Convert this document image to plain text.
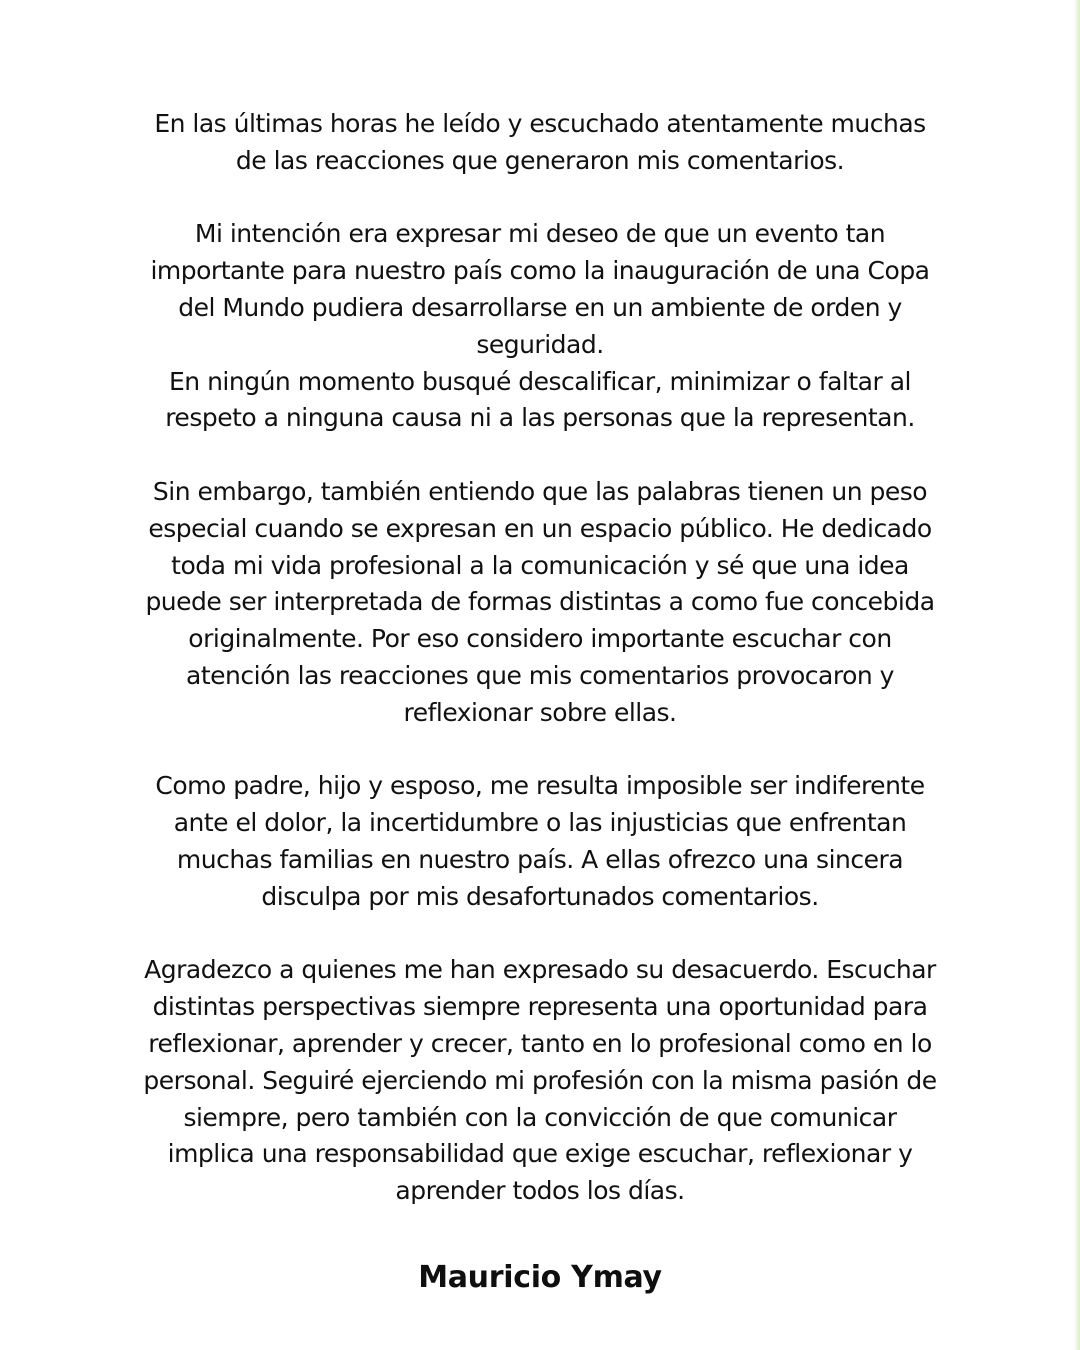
En las últimas horas he leído y escuchado atentamente muchas
de las reacciones que generaron mis comentarios.
Mi intención era expresar mi deseo de que un evento tan
importante para nuestro país como la inauguración de una Copa
del Mundo pudiera desarrollarse en un ambiente de orden y
seguridad.
En ningún momento busqué descalificar, minimizar o faltar al
respeto a ninguna causa ni a las personas que la representan.
Sin embargo, también entiendo que las palabras tienen un peso
especial cuando se expresan en un espacio público. He dedicado
toda mi vida profesional a la comunicación y sé que una idea
puede ser interpretada de formas distintas a como fue concebida
originalmente. Por eso considero importante escuchar con
atención las reacciones que mis comentarios provocaron y
reflexionar sobre ellas.
Como padre, hijo y esposo, me resulta imposible ser indiferente
ante el dolor, la incertidumbre o las injusticias que enfrentan
muchas familias en nuestro país. A ellas ofrezco una sincera
disculpa por mis desafortunados comentarios.
Agradezco a quienes me han expresado su desacuerdo. Escuchar
distintas perspectivas siempre representa una oportunidad para
reflexionar, aprender y crecer, tanto en lo profesional como en lo
personal. Seguiré ejerciendo mi profesión con la misma pasión de
siempre, pero también con la convicción de que comunicar
implica una responsabilidad que exige escuchar, reflexionar y
aprender todos los días.
Mauricio Ymay
